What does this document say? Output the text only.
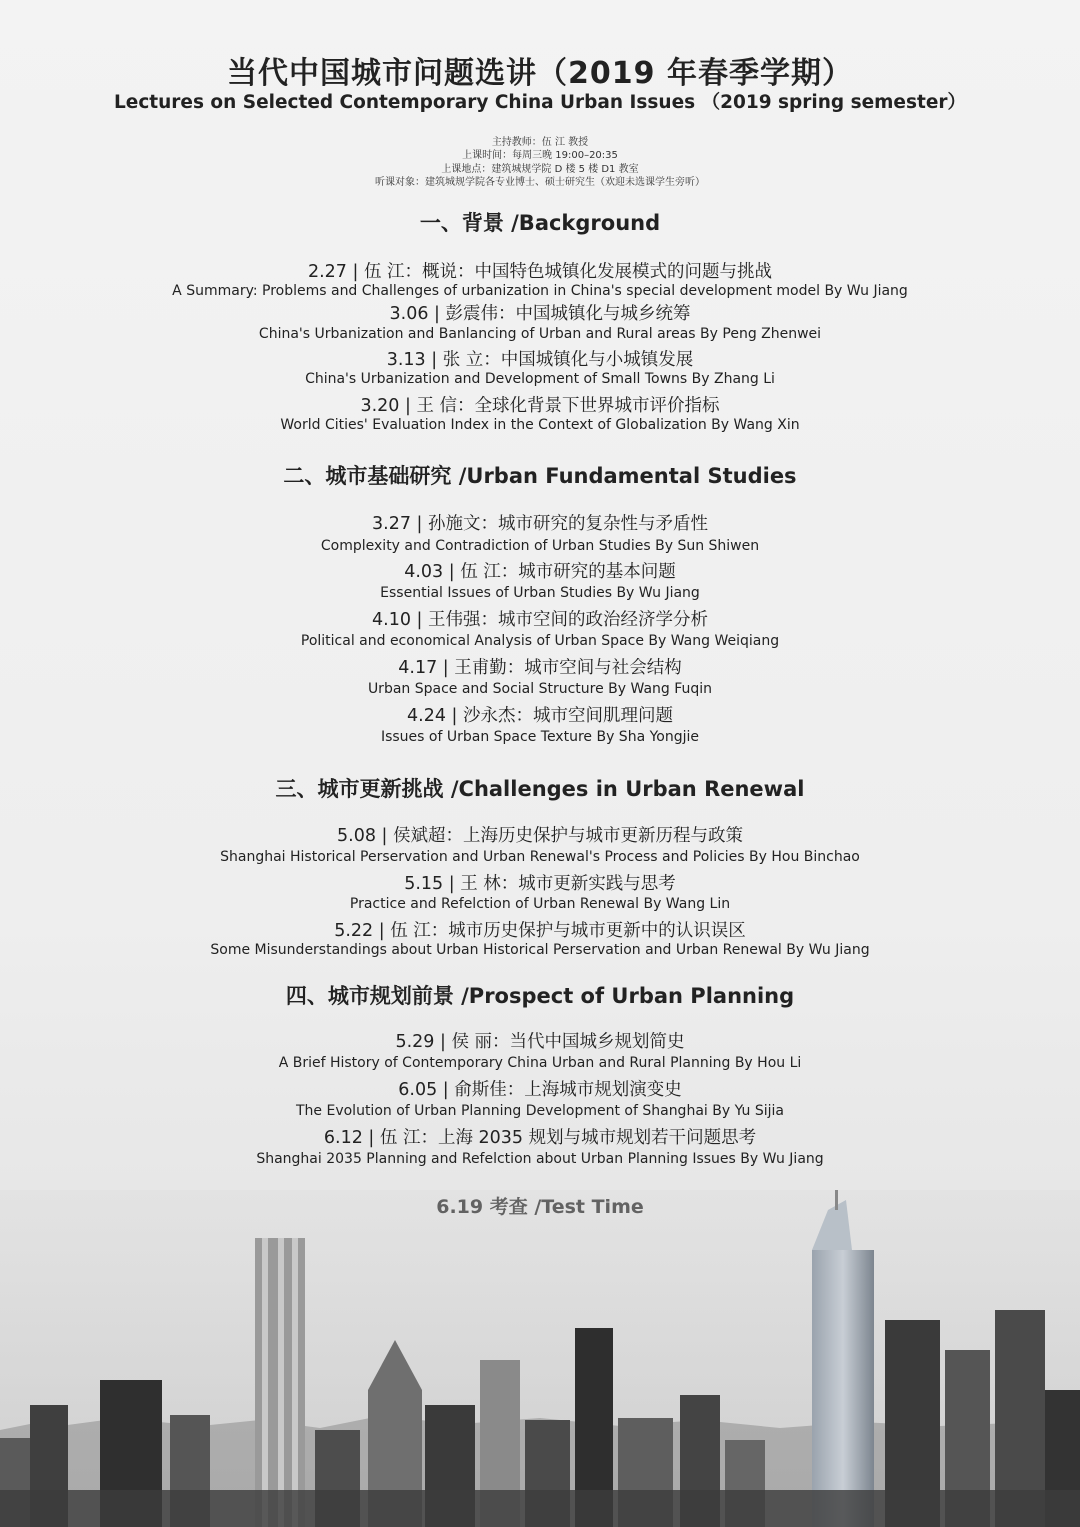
当代中国城市问题选讲（2019 年春季学期）
Lectures on Selected Contemporary China Urban Issues （2019 spring semester）
主持教师：伍 江 教授
上课时间：每周三晚 19:00–20:35
上课地点：建筑城规学院 D 楼 5 楼 D1 教室
听课对象：建筑城规学院各专业博士、硕士研究生（欢迎未选课学生旁听）
一、背景 /Background
2.27 | 伍 江：概说：中国特色城镇化发展模式的问题与挑战
A Summary: Problems and Challenges of urbanization in China's special development model By Wu Jiang
3.06 | 彭震伟：中国城镇化与城乡统筹
China's Urbanization and Banlancing of Urban and Rural areas By Peng Zhenwei
3.13 | 张 立：中国城镇化与小城镇发展
China's Urbanization and Development of Small Towns By Zhang Li
3.20 | 王 信：全球化背景下世界城市评价指标
World Cities' Evaluation Index in the Context of Globalization By Wang Xin
二、城市基础研究 /Urban Fundamental Studies
3.27 | 孙施文：城市研究的复杂性与矛盾性
Complexity and Contradiction of Urban Studies By Sun Shiwen
4.03 | 伍 江：城市研究的基本问题
Essential Issues of Urban Studies By Wu Jiang
4.10 | 王伟强：城市空间的政治经济学分析
Political and economical Analysis of Urban Space By Wang Weiqiang
4.17 | 王甫勤：城市空间与社会结构
Urban Space and Social Structure By Wang Fuqin
4.24 | 沙永杰：城市空间肌理问题
Issues of Urban Space Texture By Sha Yongjie
三、城市更新挑战 /Challenges in Urban Renewal
5.08 | 侯斌超：上海历史保护与城市更新历程与政策
Shanghai Historical Perservation and Urban Renewal's Process and Policies By Hou Binchao
5.15 | 王 林：城市更新实践与思考
Practice and Refelction of Urban Renewal By Wang Lin
5.22 | 伍 江：城市历史保护与城市更新中的认识误区
Some Misunderstandings about Urban Historical Perservation and Urban Renewal By Wu Jiang
四、城市规划前景 /Prospect of Urban Planning
5.29 | 侯 丽：当代中国城乡规划简史
A Brief History of Contemporary China Urban and Rural Planning By Hou Li
6.05 | 俞斯佳：上海城市规划演变史
The Evolution of Urban Planning Development of Shanghai By Yu Sijia
6.12 | 伍 江：上海 2035 规划与城市规划若干问题思考
Shanghai 2035 Planning and Refelction about Urban Planning Issues By Wu Jiang
6.19 考查 /Test Time
